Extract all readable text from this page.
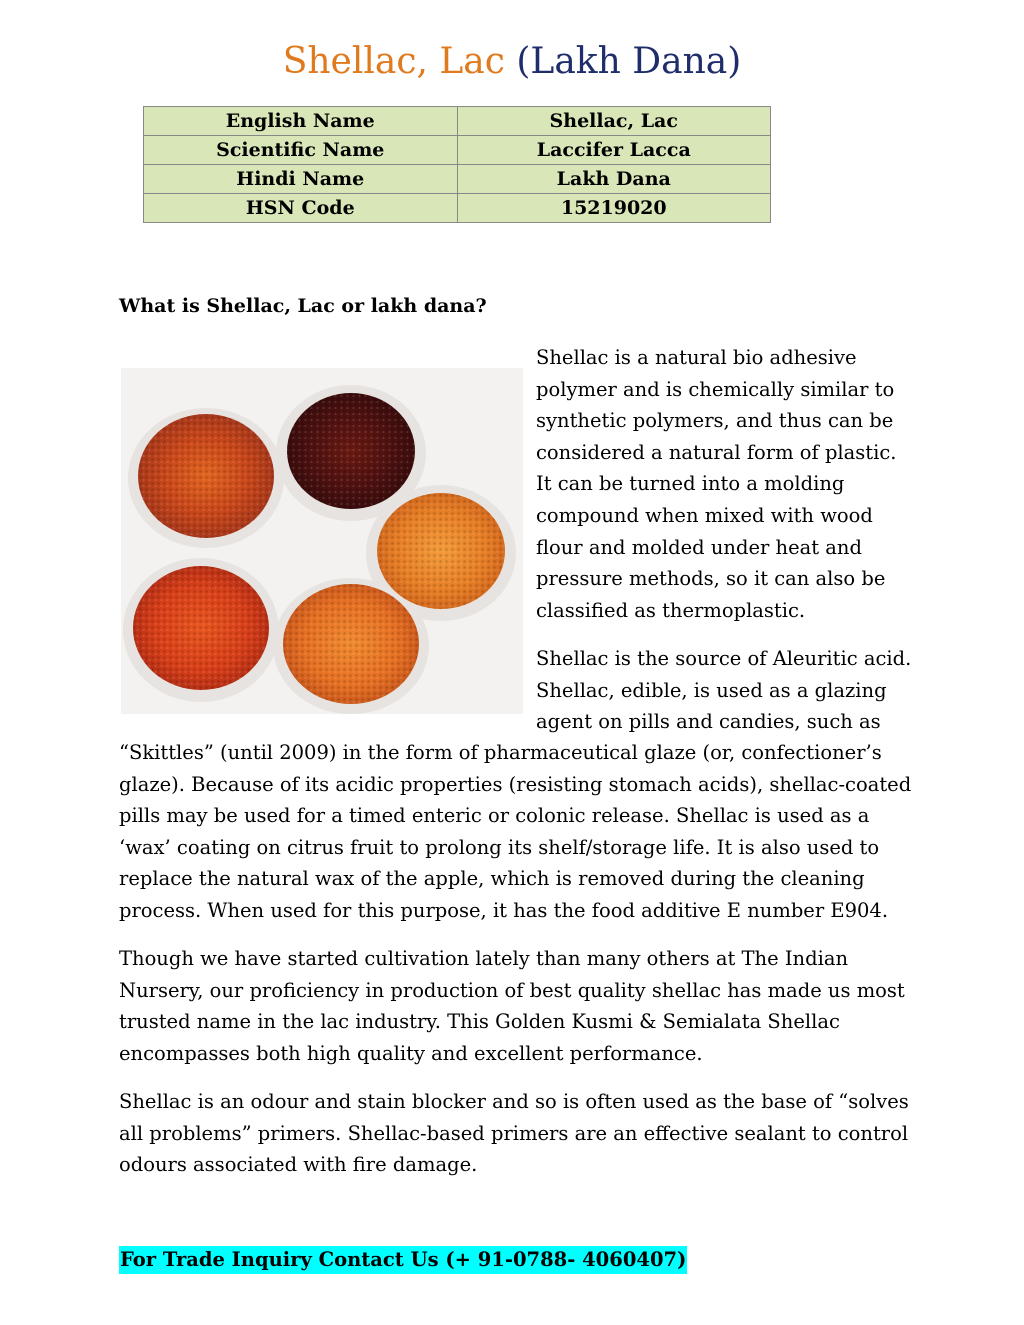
Shellac, Lac (Lakh Dana)
English Name	Shellac, Lac
Scientific Name	Laccifer Lacca
Hindi Name	Lakh Dana
HSN Code	15219020
What is Shellac, Lac or lakh dana?
Shellac is a natural bio adhesive polymer and is chemically similar to synthetic polymers, and thus can be considered a natural form of plastic. It can be turned into a molding compound when mixed with wood flour and molded under heat and pressure methods, so it can also be classified as thermoplastic.
Shellac is the source of Aleuritic acid. Shellac, edible, is used as a glazing agent on pills and candies, such as
“Skittles” (until 2009) in the form of pharmaceutical glaze (or, confectioner’s glaze). Because of its acidic properties (resisting stomach acids), shellac-coated pills may be used for a timed enteric or colonic release. Shellac is used as a ‘wax’ coating on citrus fruit to prolong its shelf/storage life. It is also used to replace the natural wax of the apple, which is removed during the cleaning process. When used for this purpose, it has the food additive E number E904.
Though we have started cultivation lately than many others at The Indian Nursery, our proficiency in production of best quality shellac has made us most trusted name in the lac industry. This Golden Kusmi & Semialata Shellac encompasses both high quality and excellent performance.
Shellac is an odour and stain blocker and so is often used as the base of “solves all problems” primers. Shellac-based primers are an effective sealant to control odours associated with fire damage.
For Trade Inquiry Contact Us (+ 91-0788- 4060407)
